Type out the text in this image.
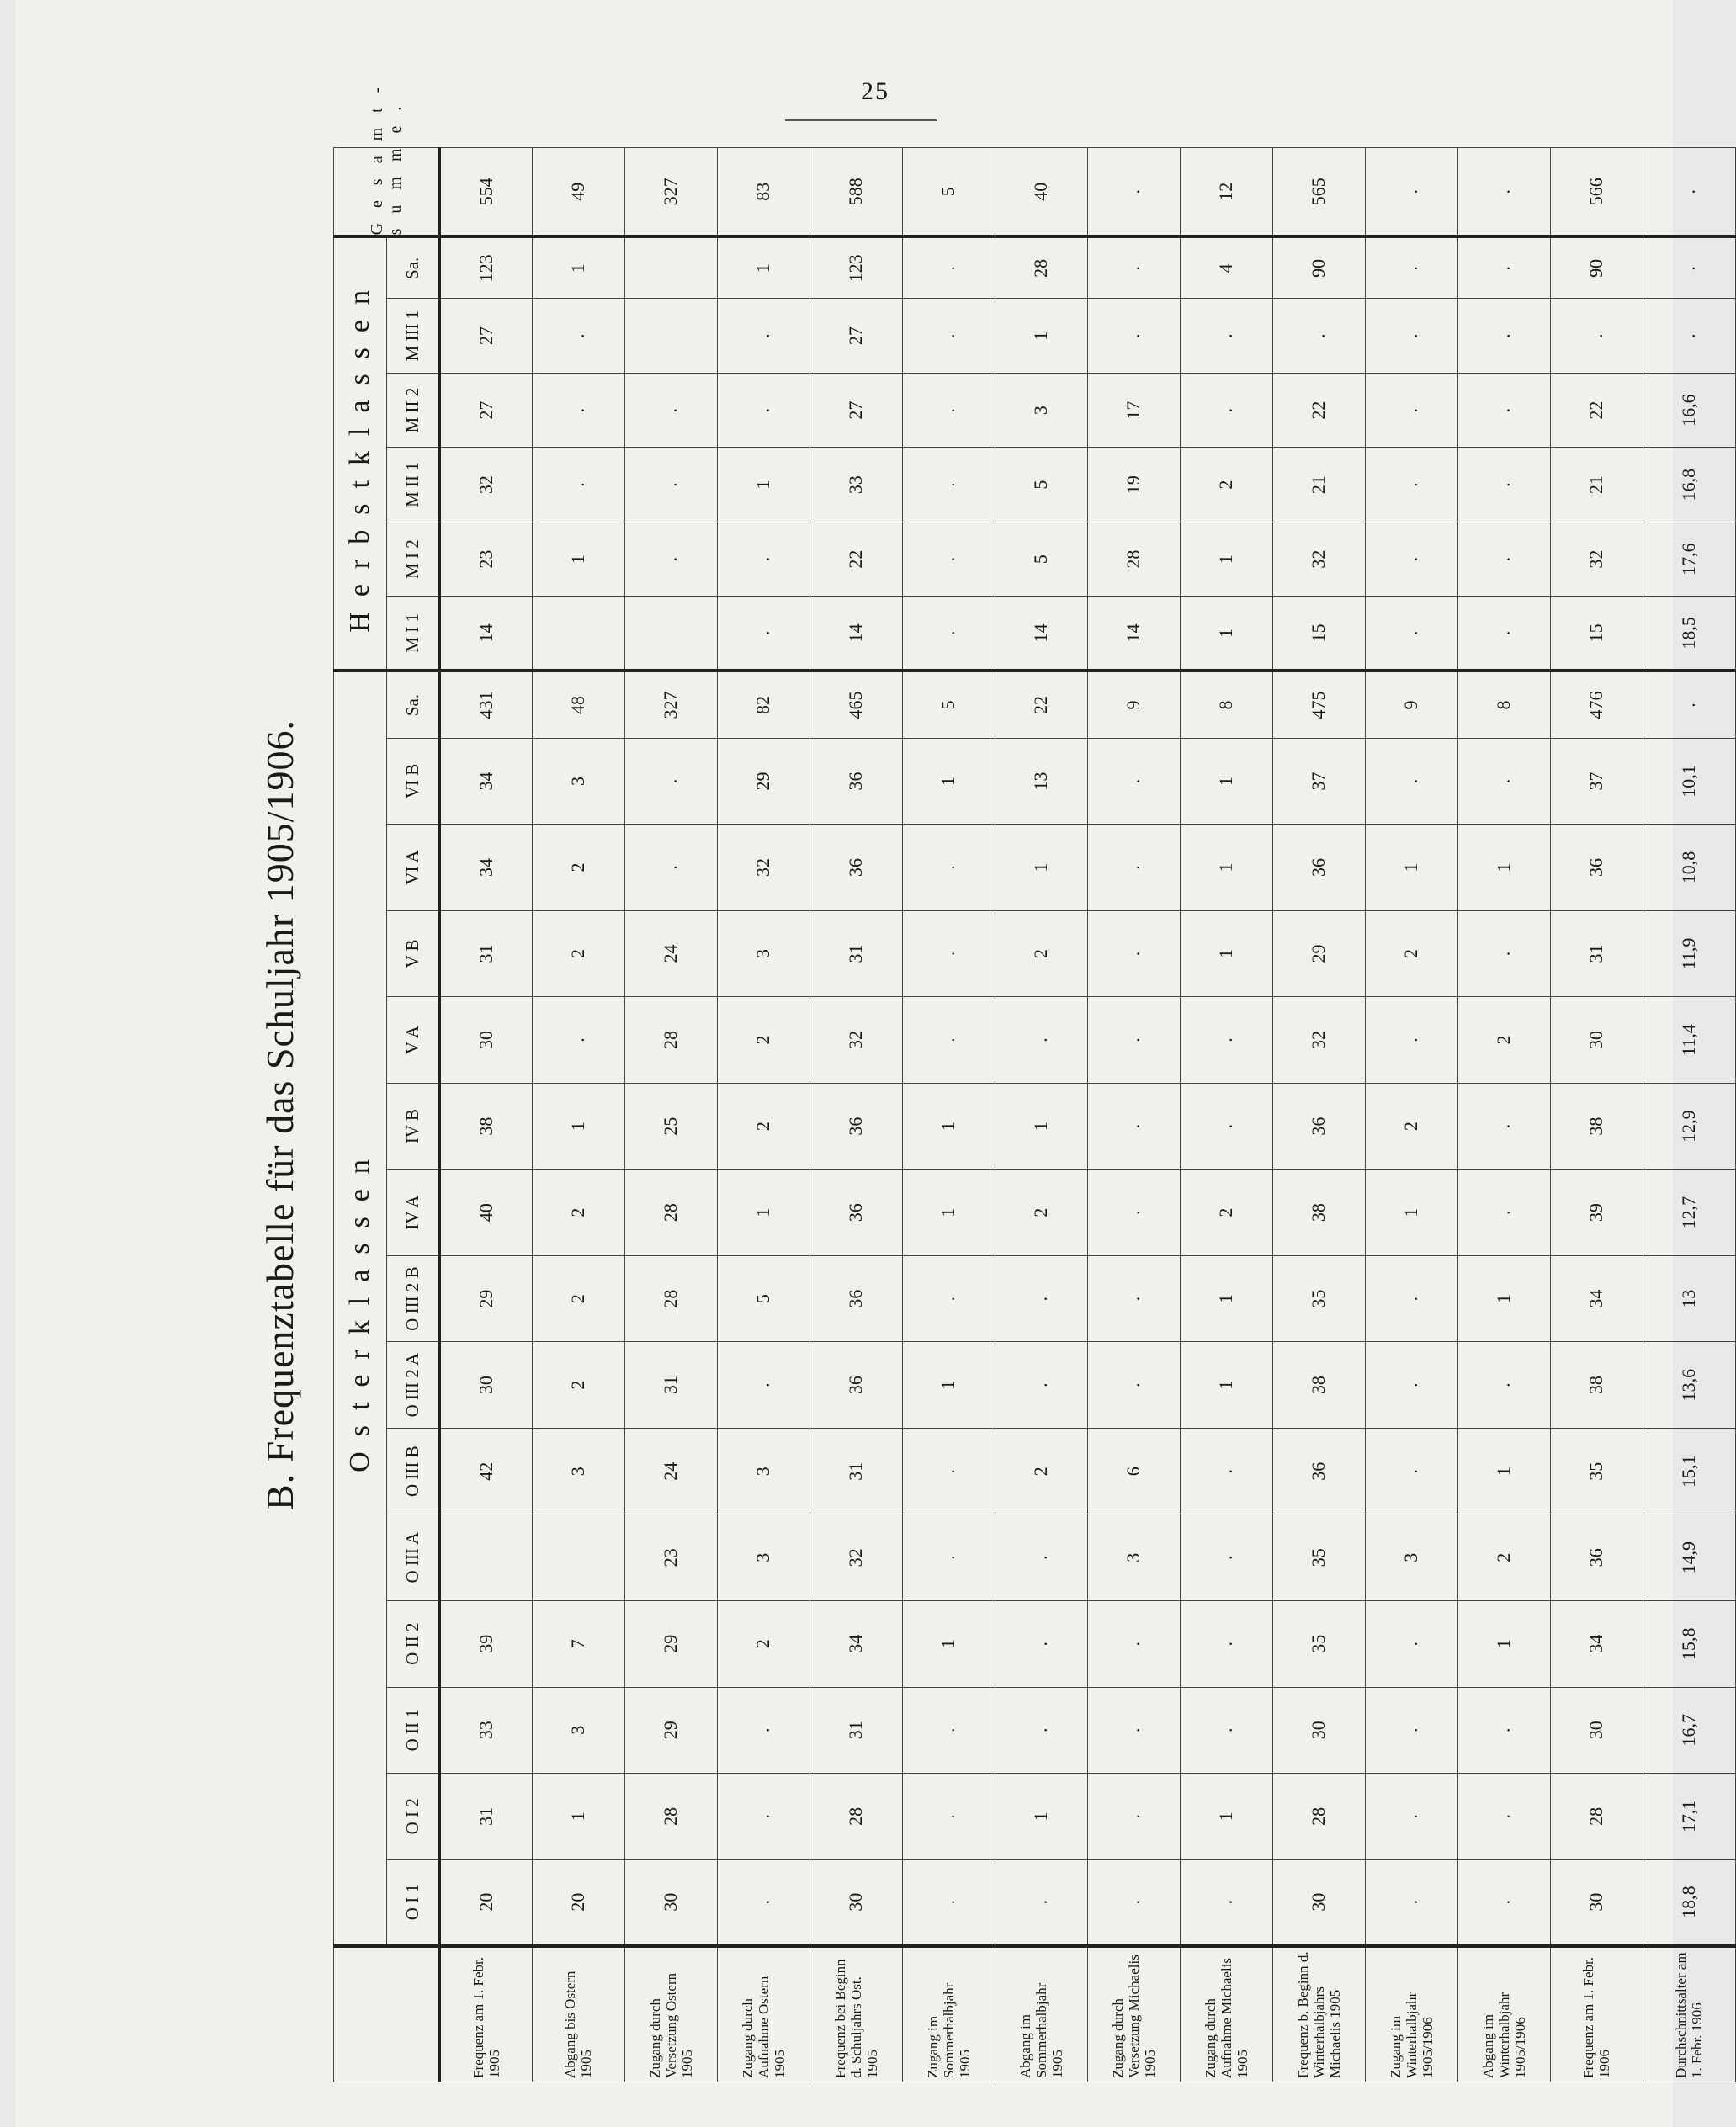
25
B. Frequenztabelle für das Schuljahr 1905/1906.
		Osterklassen															Herbstklassen						Gesamt-summe.
	O I 1	O I 2	O II 1	O II 2	O III A	O III B	O III 2 A	O III 2 B	IV A	IV B	V A	V B	VI A	VI B	Sa.	M I 1	M I 2	M II 1	M II 2	M III 1	Sa.	
Frequenz am 1. Febr. 1905	20	31	33	39		42	30	29	40	38	30	31	34	34	431	14	23	32	27	27	123	554
Abgang bis Ostern 1905	20	1	3	7		3	2	2	2	1	.	2	2	3	48		1	.	.	.	1	49
Zugang durch Versetzung Ostern 1905	30	28	29	29	23	24	31	28	28	25	28	24	.	.	327		.	.	.			327
Zugang durch Aufnahme Ostern 1905	.	.	.	2	3	3	.	5	1	2	2	3	32	29	82	.	.	1	.	.	1	83
Frequenz bei Beginn d. Schuljahrs Ost. 1905	30	28	31	34	32	31	36	36	36	36	32	31	36	36	465	14	22	33	27	27	123	588
Zugang im Sommerhalbjahr 1905	.	.	.	1	.	.	1	.	1	1	.	.	.	1	5	.	.	.	.	.	.	5
Abgang im Sommerhalbjahr 1905	.	1	.	.	.	2	.	.	2	1	.	2	1	13	22	14	5	5	3	1	28	40
Zugang durch Versetzung Michaelis 1905	.	.	.	.	3	6	.	.	.	.	.	.	.	.	9	14	28	19	17	.	.	.
Zugang durch Aufnahme Michaelis 1905	.	1	.	.	.	.	1	1	2	.	.	1	1	1	8	1	1	2	.	.	4	12
Frequenz b. Beginn d. Winterhalbjahrs Michaelis 1905	30	28	30	35	35	36	38	35	38	36	32	29	36	37	475	15	32	21	22	.	90	565
Zugang im Winterhalbjahr 1905/1906	.	.	.	.	3	.	.	.	1	2	.	2	1	.	9	.	.	.	.	.	.	.
Abgang im Winterhalbjahr 1905/1906	.	.	.	1	2	1	.	1	.	.	2	.	1	.	8	.	.	.	.	.	.	.
Frequenz am 1. Febr. 1906	30	28	30	34	36	35	38	34	39	38	30	31	36	37	476	15	32	21	22	.	90	566
Durchschnittsalter am 1. Febr. 1906	18,8	17,1	16,7	15,8	14,9	15,1	13,6	13	12,7	12,9	11,4	11,9	10,8	10,1	.	18,5	17,6	16,8	16,6	.	.	.
